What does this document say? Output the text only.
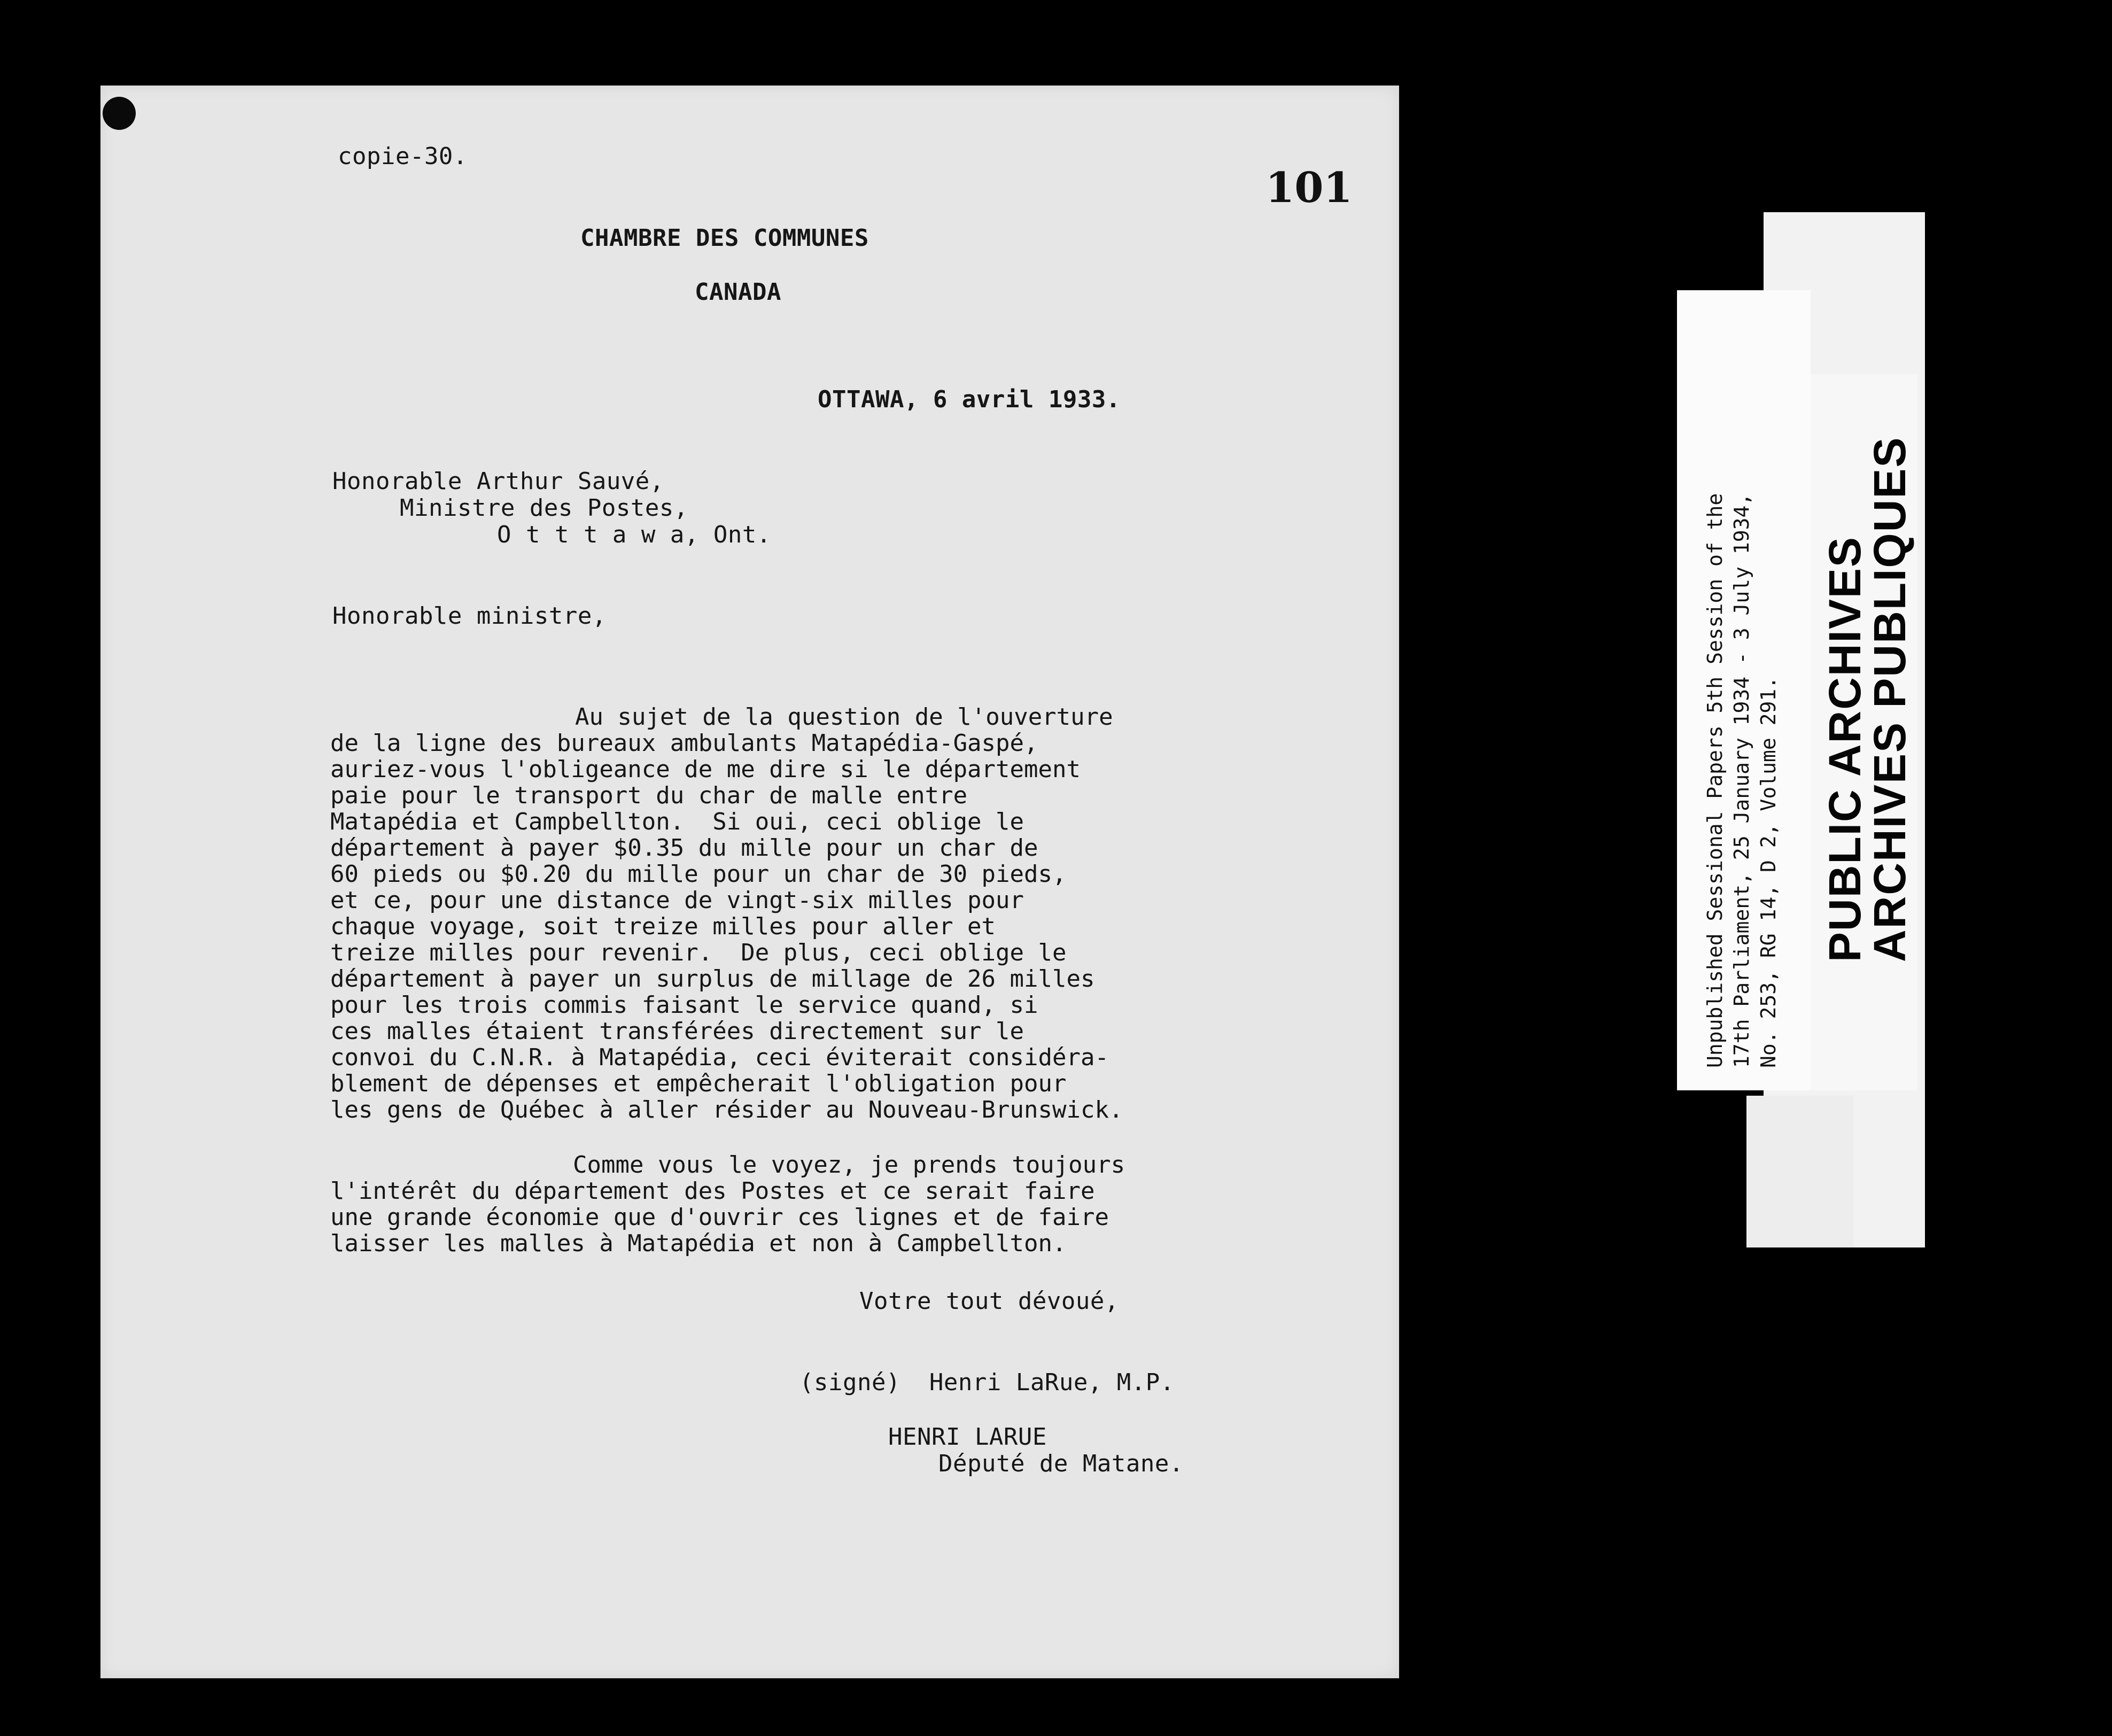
copie-30.
101
CHAMBRE DES COMMUNES
CANADA
OTTAWA, 6 avril 1933.
Honorable Arthur Sauvé,
Ministre des Postes,
O t t t a w a, Ont.
Honorable ministre,

Au sujet de la question de l'ouverture
de la ligne des bureaux ambulants Matapédia-Gaspé,
auriez-vous l'obligeance de me dire si le département
paie pour le transport du char de malle entre
Matapédia et Campbellton.  Si oui, ceci oblige le
département à payer $0.35 du mille pour un char de
60 pieds ou $0.20 du mille pour un char de 30 pieds,
et ce, pour une distance de vingt-six milles pour
chaque voyage, soit treize milles pour aller et
treize milles pour revenir.  De plus, ceci oblige le
département à payer un surplus de millage de 26 milles
pour les trois commis faisant le service quand, si
ces malles étaient transférées directement sur le
convoi du C.N.R. à Matapédia, ceci éviterait considéra-
blement de dépenses et empêcherait l'obligation pour
les gens de Québec à aller résider au Nouveau-Brunswick.

Comme vous le voyez, je prends toujours
l'intérêt du département des Postes et ce serait faire
une grande économie que d'ouvrir ces lignes et de faire
laisser les malles à Matapédia et non à Campbellton.

Votre tout dévoué,
(signé)  Henri LaRue, M.P.
HENRI LARUE
Député de Matane.
Unpublished Sessional Papers 5th Session of the 17th Parliament, 25 January 1934 - 3 July 1934, No. 253, RG 14, D 2, Volume 291. PUBLIC ARCHIVES
ARCHIVES PUBLIQUES
